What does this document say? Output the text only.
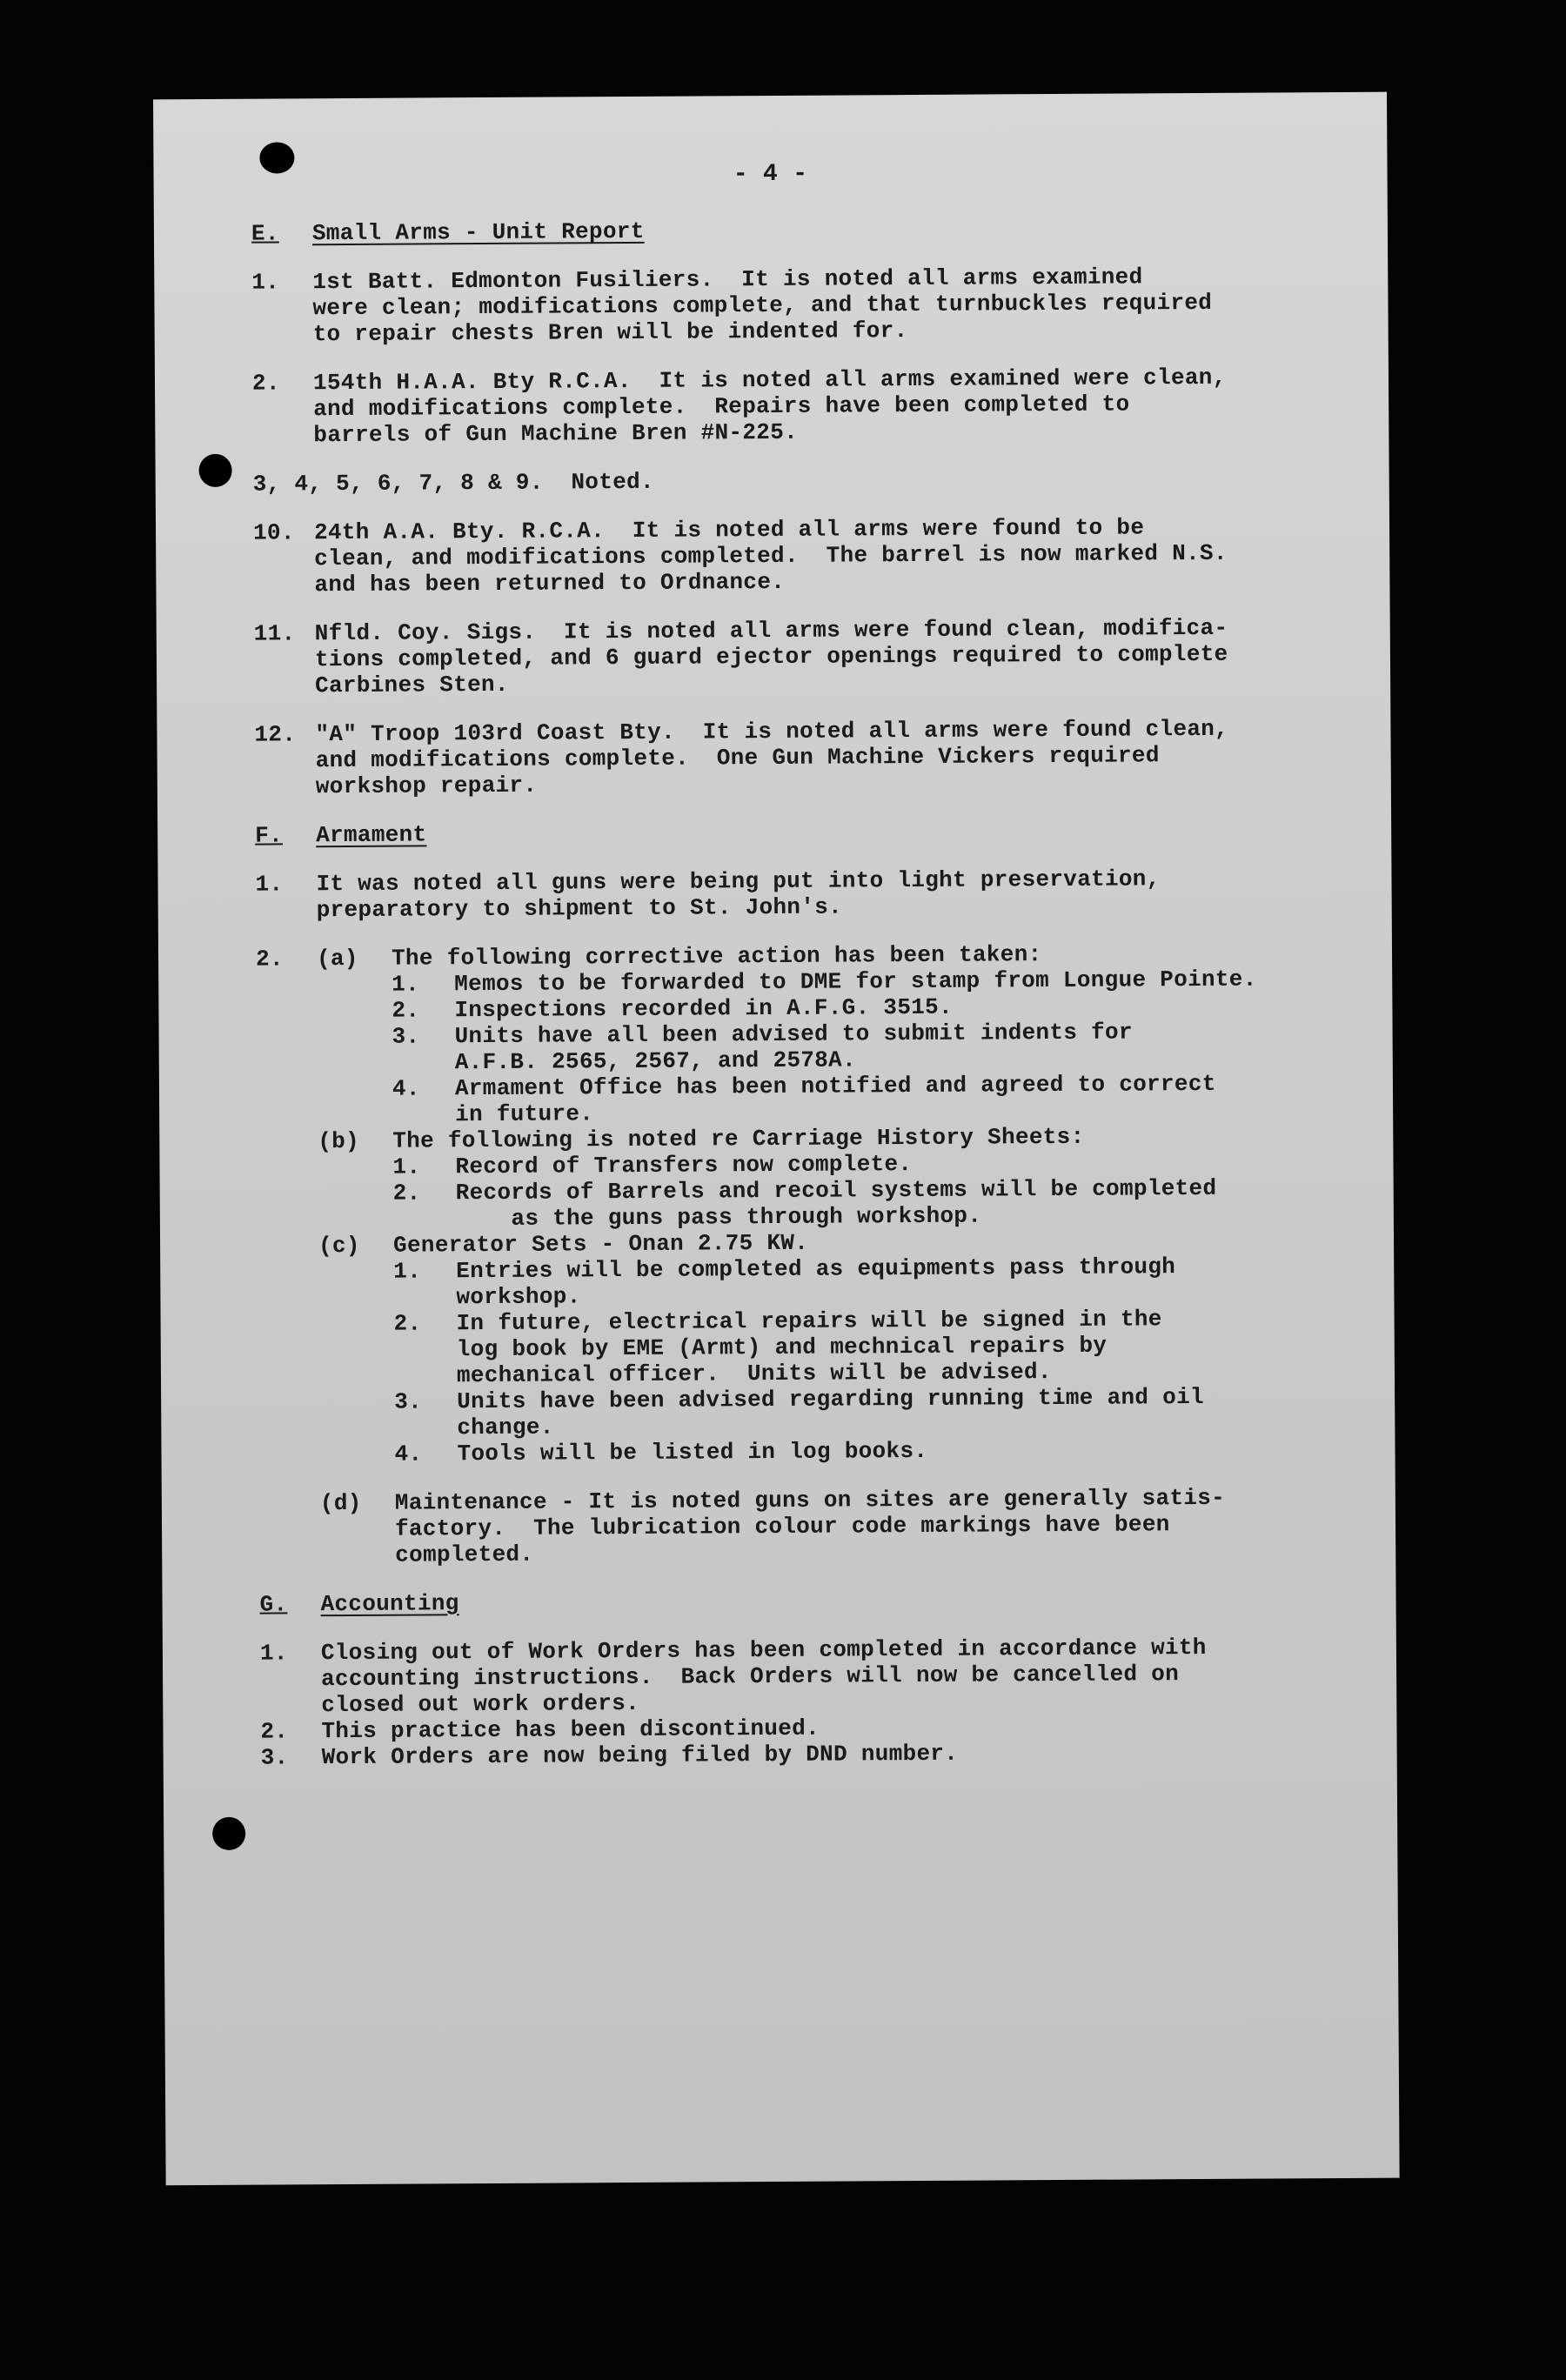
- 4 -
E.	Small Arms - Unit Report
1.	1st Batt. Edmonton Fusiliers.  It is noted all arms examined
were clean; modifications complete, and that turnbuckles required
to repair chests Bren will be indented for.
2.	154th H.A.A. Bty R.C.A.  It is noted all arms examined were clean,
and modifications complete.  Repairs have been completed to
barrels of Gun Machine Bren #N-225.
3, 4, 5, 6, 7, 8 & 9.  Noted.
10. 24th A.A. Bty. R.C.A.  It is noted all arms were found to be
clean, and modifications completed.  The barrel is now marked N.S.
and has been returned to Ordnance.
11. Nfld. Coy. Sigs.  It is noted all arms were found clean, modifica-
tions completed, and 6 guard ejector openings required to complete
Carbines Sten.
12. "A" Troop 103rd Coast Bty.  It is noted all arms were found clean,
and modifications complete.  One Gun Machine Vickers required
workshop repair.
F.	Armament
1.	It was noted all guns were being put into light preservation,
preparatory to shipment to St. John's.
2.	(a)	The following corrective action has been taken:
1.	Memos to be forwarded to DME for stamp from Longue Pointe.
2.	Inspections recorded in A.F.G. 3515.
3.	Units have all been advised to submit indents for
A.F.B. 2565, 2567, and 2578A.
4.	Armament Office has been notified and agreed to correct
in future.
(b)	The following is noted re Carriage History Sheets:
1.	Record of Transfers now complete.
2.	Records of Barrels and recoil systems will be completed
as the guns pass through workshop.
(c)	Generator Sets - Onan 2.75 KW.
1.	Entries will be completed as equipments pass through
workshop.
2.	In future, electrical repairs will be signed in the
log book by EME (Armt) and mechnical repairs by
mechanical officer.  Units will be advised.
3.	Units have been advised regarding running time and oil
change.
4.	Tools will be listed in log books.
(d)	Maintenance - It is noted guns on sites are generally satis-
factory.  The lubrication colour code markings have been
completed.
G.	Accounting
1.	Closing out of Work Orders has been completed in accordance with
accounting instructions.  Back Orders will now be cancelled on
closed out work orders.
2.	This practice has been discontinued.
3.	Work Orders are now being filed by DND number.
